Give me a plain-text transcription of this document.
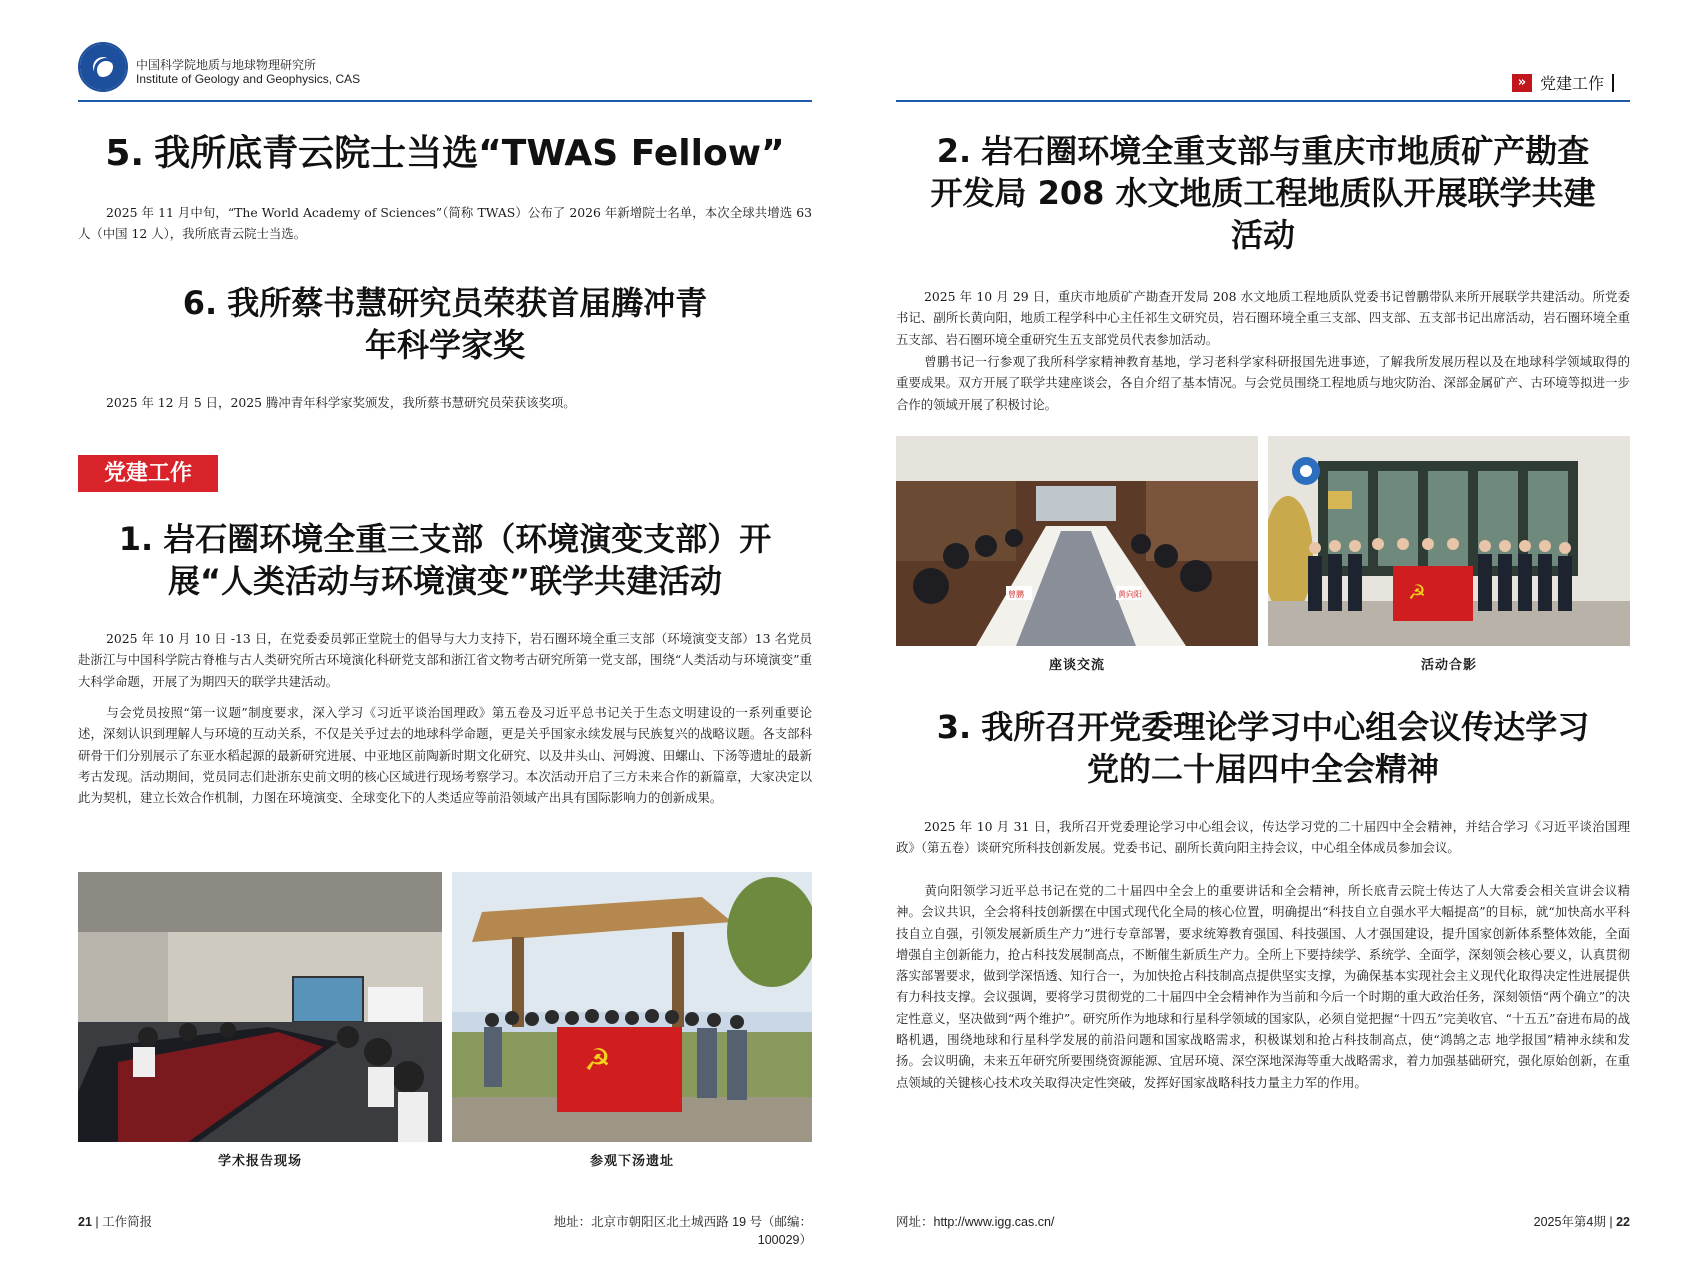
中国科学院地质与地球物理研究所
Institute of Geology and Geophysics, CAS
5. 我所底青云院士当选“TWAS Fellow”

2025 年 11 月中旬，“The World Academy of Sciences”（简称 TWAS）公布了 2026 年新增院士名单，本次全球共增选 63 人（中国 12 人），我所底青云院士当选。

6. 我所蔡书慧研究员荣获首届腾冲青
年科学家奖

2025 年 12 月 5 日，2025 腾冲青年科学家奖颁发，我所蔡书慧研究员荣获该奖项。

党建工作
1. 岩石圈环境全重三支部（环境演变支部）开
展“人类活动与环境演变”联学共建活动

2025 年 10 月 10 日 -13 日，在党委委员郭正堂院士的倡导与大力支持下，岩石圈环境全重三支部（环境演变支部）13 名党员赴浙江与中国科学院古脊椎与古人类研究所古环境演化科研党支部和浙江省文物考古研究所第一党支部，围绕“人类活动与环境演变”重大科学命题，开展了为期四天的联学共建活动。

与会党员按照“第一议题”制度要求，深入学习《习近平谈治国理政》第五卷及习近平总书记关于生态文明建设的一系列重要论述，深刻认识到理解人与环境的互动关系，不仅是关乎过去的地球科学命题，更是关乎国家永续发展与民族复兴的战略议题。各支部科研骨干们分别展示了东亚水稻起源的最新研究进展、中亚地区前陶新时期文化研究、以及井头山、河姆渡、田螺山、下汤等遗址的最新考古发现。活动期间，党员同志们赴浙东史前文明的核心区域进行现场考察学习。本次活动开启了三方未来合作的新篇章，大家决定以此为契机，建立长效合作机制，力图在环境演变、全球变化下的人类适应等前沿领域产出具有国际影响力的创新成果。

☭
学术报告现场	参观下汤遗址
21 | 工作简报	地址：北京市朝阳区北土城西路 19 号（邮编：100029）
» 党建工作
2. 岩石圈环境全重支部与重庆市地质矿产勘查
开发局 208 水文地质工程地质队开展联学共建
活动

2025 年 10 月 29 日，重庆市地质矿产勘查开发局 208 水文地质工程地质队党委书记曾鹏带队来所开展联学共建活动。所党委书记、副所长黄向阳，地质工程学科中心主任祁生文研究员，岩石圈环境全重三支部、四支部、五支部书记出席活动，岩石圈环境全重五支部、岩石圈环境全重研究生五支部党员代表参加活动。

曾鹏书记一行参观了我所科学家精神教育基地，学习老科学家科研报国先进事迹，了解我所发展历程以及在地球科学领域取得的重要成果。双方开展了联学共建座谈会，各自介绍了基本情况。与会党员围绕工程地质与地灾防治、深部金属矿产、古环境等拟进一步合作的领域开展了积极讨论。

曾鹏	黄向阳	☭
座谈交流	活动合影
3. 我所召开党委理论学习中心组会议传达学习
党的二十届四中全会精神

2025 年 10 月 31 日，我所召开党委理论学习中心组会议，传达学习党的二十届四中全会精神，并结合学习《习近平谈治国理政》（第五卷）谈研究所科技创新发展。党委书记、副所长黄向阳主持会议，中心组全体成员参加会议。

黄向阳领学习近平总书记在党的二十届四中全会上的重要讲话和全会精神，所长底青云院士传达了人大常委会相关宣讲会议精神。会议共识，全会将科技创新摆在中国式现代化全局的核心位置，明确提出“科技自立自强水平大幅提高”的目标，就“加快高水平科技自立自强，引领发展新质生产力”进行专章部署，要求统筹教育强国、科技强国、人才强国建设，提升国家创新体系整体效能，全面增强自主创新能力，抢占科技发展制高点，不断催生新质生产力。全所上下要持续学、系统学、全面学，深刻领会核心要义，认真贯彻落实部署要求，做到学深悟透、知行合一，为加快抢占科技制高点提供坚实支撑，为确保基本实现社会主义现代化取得决定性进展提供有力科技支撑。会议强调，要将学习贯彻党的二十届四中全会精神作为当前和今后一个时期的重大政治任务，深刻领悟“两个确立”的决定性意义，坚决做到“两个维护”。研究所作为地球和行星科学领域的国家队，必须自觉把握“十四五”完美收官、“十五五”奋进布局的战略机遇，围绕地球和行星科学发展的前沿问题和国家战略需求，积极谋划和抢占科技制高点，使“鸿鹄之志 地学报国”精神永续和发扬。会议明确，未来五年研究所要围绕资源能源、宜居环境、深空深地深海等重大战略需求，着力加强基础研究，强化原始创新，在重点领域的关键核心技术攻关取得决定性突破，发挥好国家战略科技力量主力军的作用。

网址：http://www.igg.cas.cn/	2025年第4期 | 22
